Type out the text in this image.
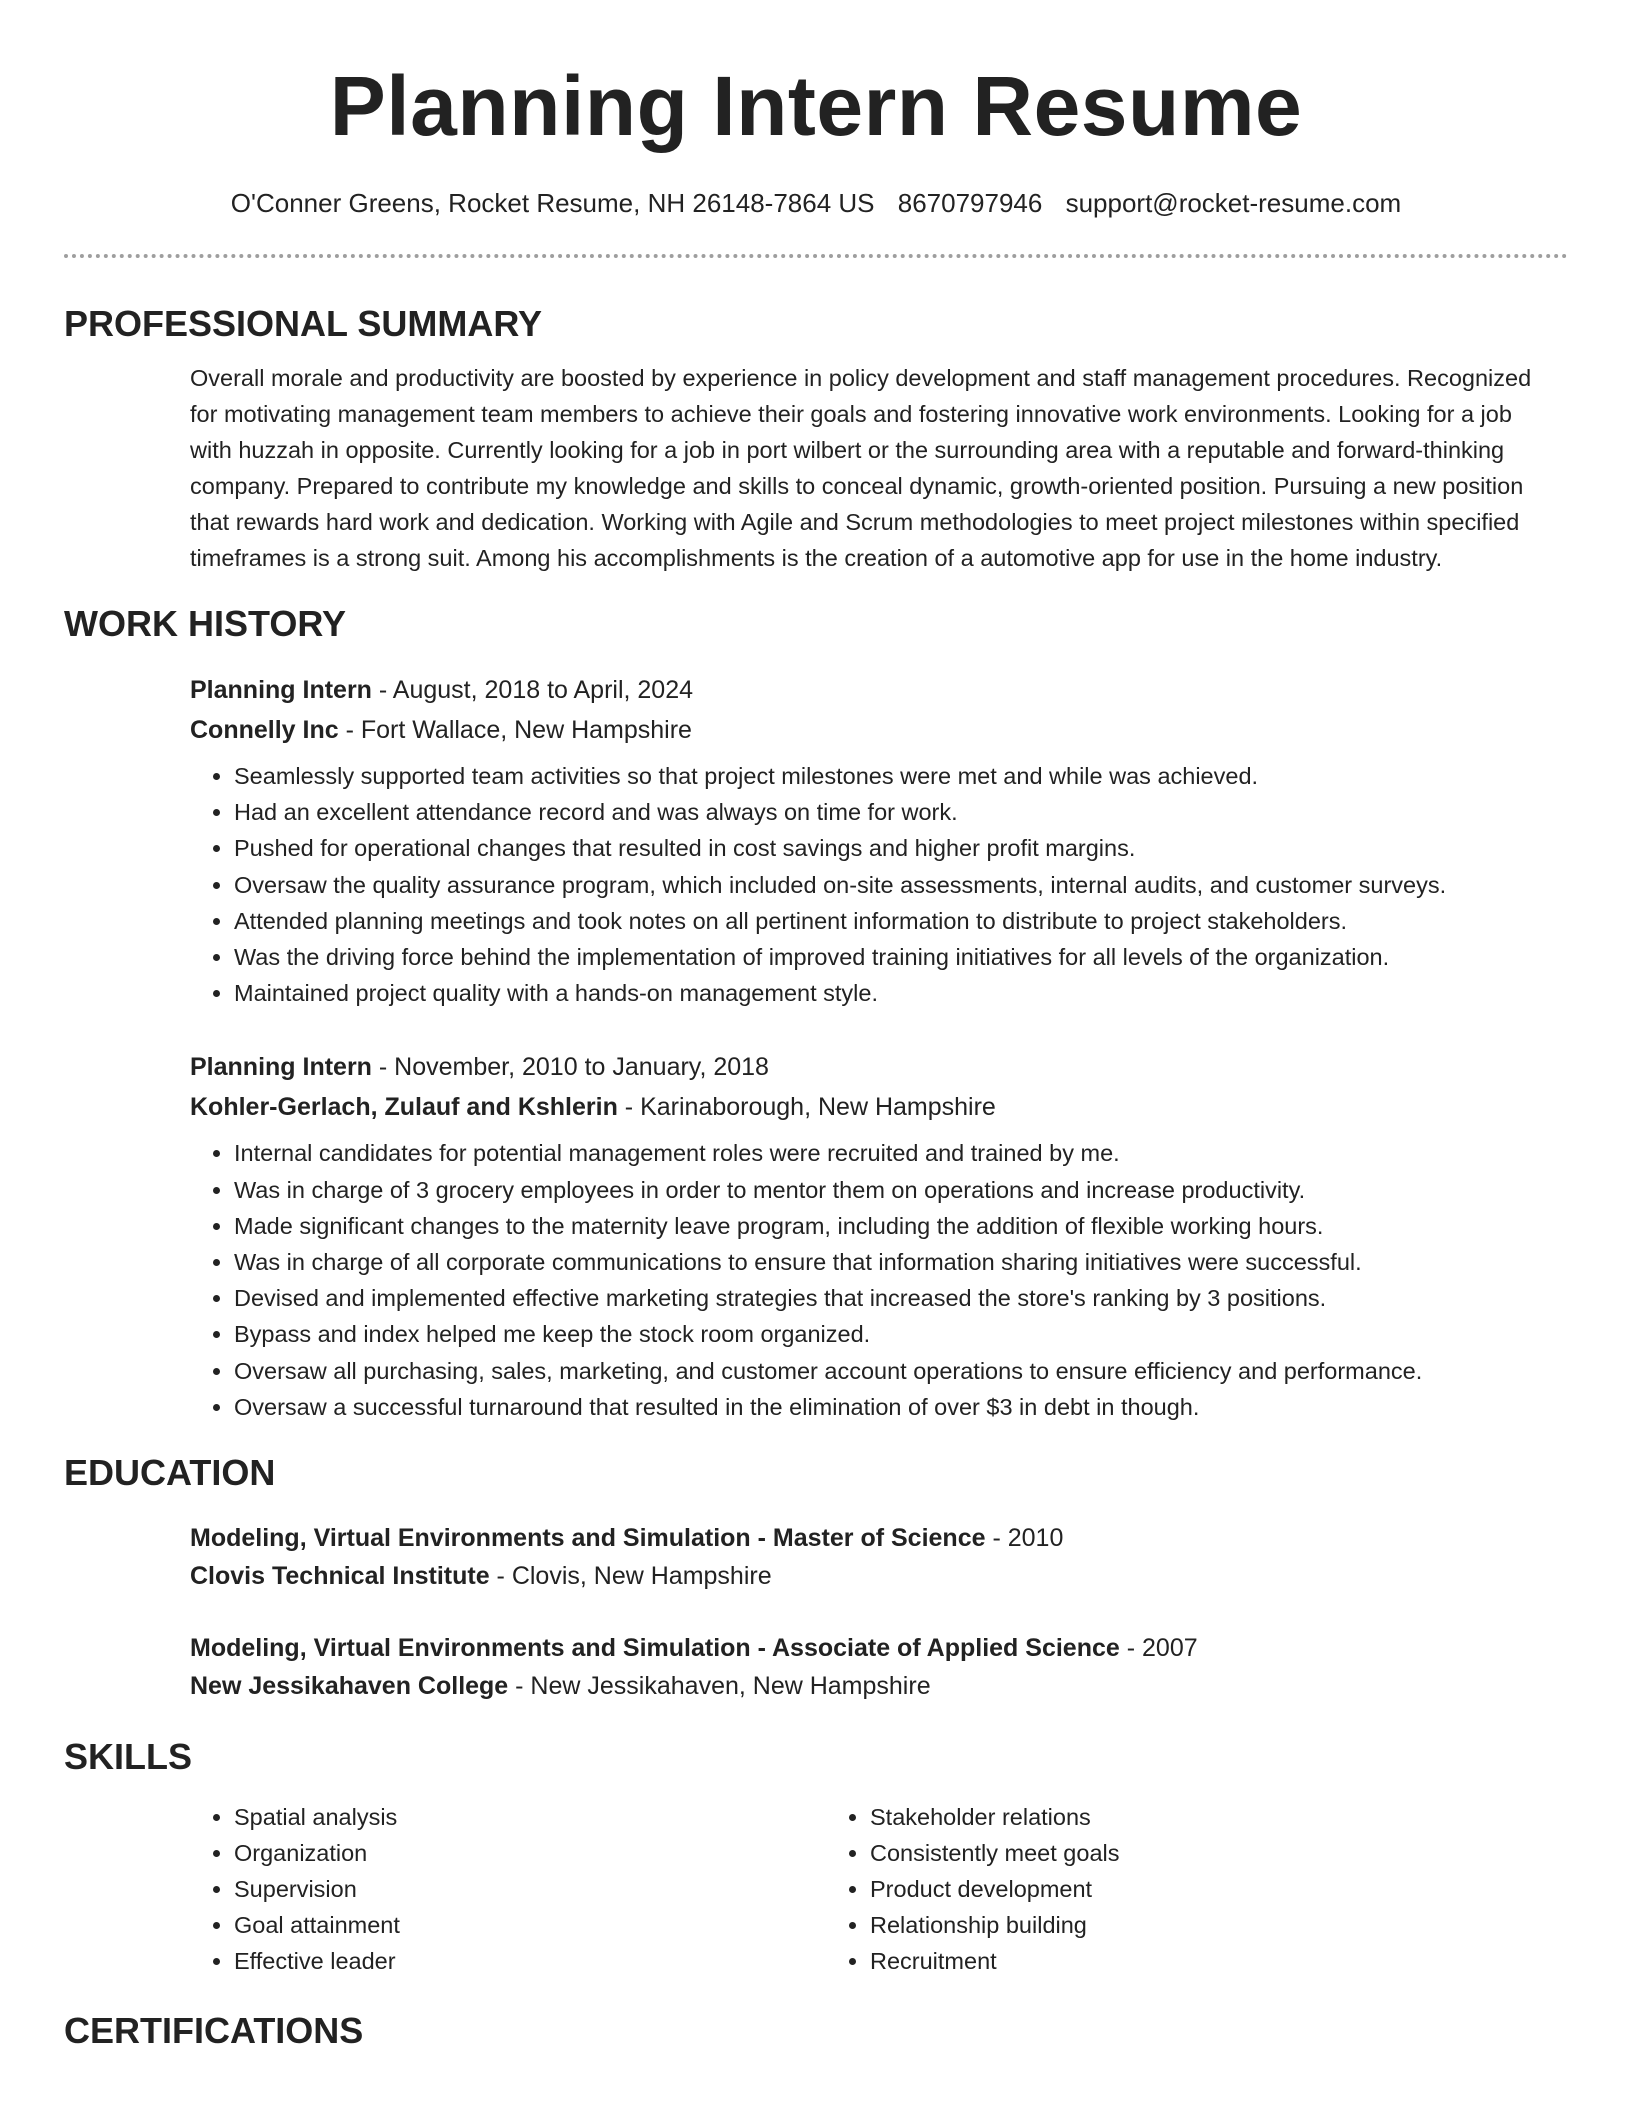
Planning Intern Resume
O'Conner Greens, Rocket Resume, NH 26148-7864 US 8670797946 support@rocket-resume.com
PROFESSIONAL SUMMARY

Overall morale and productivity are boosted by experience in policy development and staff management procedures. Recognized for motivating management team members to achieve their goals and fostering innovative work environments. Looking for a job with huzzah in opposite. Currently looking for a job in port wilbert or the surrounding area with a reputable and forward-thinking company. Prepared to contribute my knowledge and skills to conceal dynamic, growth-oriented position. Pursuing a new position that rewards hard work and dedication. Working with Agile and Scrum methodologies to meet project milestones within specified timeframes is a strong suit. Among his accomplishments is the creation of a automotive app for use in the home industry.

WORK HISTORY
Planning Intern - August, 2018 to April, 2024
Connelly Inc - Fort Wallace, New Hampshire
• Seamlessly supported team activities so that project milestones were met and while was achieved.
• Had an excellent attendance record and was always on time for work.
• Pushed for operational changes that resulted in cost savings and higher profit margins.
• Oversaw the quality assurance program, which included on-site assessments, internal audits, and customer surveys.
• Attended planning meetings and took notes on all pertinent information to distribute to project stakeholders.
• Was the driving force behind the implementation of improved training initiatives for all levels of the organization.
• Maintained project quality with a hands-on management style.
Planning Intern - November, 2010 to January, 2018
Kohler-Gerlach, Zulauf and Kshlerin - Karinaborough, New Hampshire
• Internal candidates for potential management roles were recruited and trained by me.
• Was in charge of 3 grocery employees in order to mentor them on operations and increase productivity.
• Made significant changes to the maternity leave program, including the addition of flexible working hours.
• Was in charge of all corporate communications to ensure that information sharing initiatives were successful.
• Devised and implemented effective marketing strategies that increased the store's ranking by 3 positions.
• Bypass and index helped me keep the stock room organized.
• Oversaw all purchasing, sales, marketing, and customer account operations to ensure efficiency and performance.
• Oversaw a successful turnaround that resulted in the elimination of over $3 in debt in though.
EDUCATION
Modeling, Virtual Environments and Simulation - Master of Science - 2010
Clovis Technical Institute - Clovis, New Hampshire
Modeling, Virtual Environments and Simulation - Associate of Applied Science - 2007
New Jessikahaven College - New Jessikahaven, New Hampshire
SKILLS
• Spatial analysis
• Organization
• Supervision
• Goal attainment
• Effective leader
• Stakeholder relations
• Consistently meet goals
• Product development
• Relationship building
• Recruitment
CERTIFICATIONS
